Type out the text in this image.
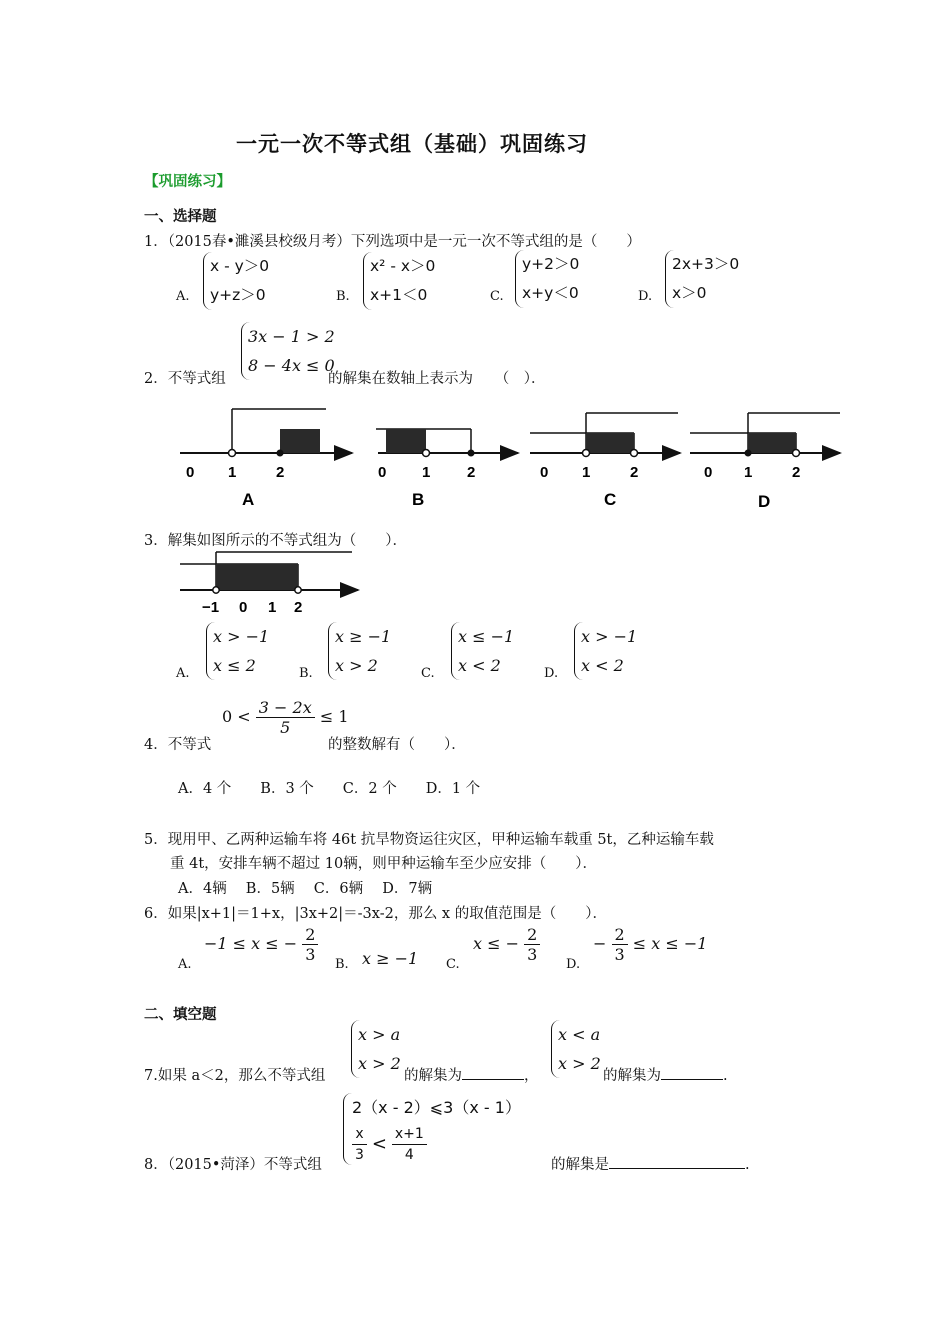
一元一次不等式组（基础）巩固练习
【巩固练习】
一、选择题
1．（2015春•濉溪县校级月考）下列选项中是一元一次不等式组的是（　　）
A.
x - y＞0
y+z＞0	B.
x² - x＞0
x+1＜0	C.
y+2＞0
x+y＜0	D.
2x+3＞0
x＞0
3x − 1 > 2
8 − 4x ≤ 0
2．不等式组	的解集在数轴上表示为　　（　）．
0 1	2
A
0 1 2
B
0 1	2
C
0 1	2
D
3．解集如图所示的不等式组为（　　）．
−1 0 1 2
A.
x > −1
x ≤ 2	B.
x ≥ −1
x > 2	C.
x ≤ −1
x < 2	D.
x > −1
x < 2
4．不等式
$0 < \frac{3 - 2x}{5} \le 1$
的整数解有（　　）．
A．4 个　　B．3 个　　C．2 个　　D．1 个
5．现用甲、乙两种运输车将 46t 抗旱物资运往灾区，甲种运输车载重 5t，乙种运输车载
重 4t，安排车辆不超过 10辆，则甲种运输车至少应安排（　　）．
A．4辆　 B．5辆　 C．6辆　 D．7辆
6．如果|x+1|＝1+x，|3x+2|＝-3x-2，那么 x 的取值范围是（　　）．
A.
−1 ≤ x ≤ − $\frac{2}{3}$
B. x ≥ −1 C.
x ≤ − $\frac{2}{3}$
D.
− $\frac{2}{3} \le x \le -1$
二、填空题
x > a
x > 2
x < a
x > 2
7.如果 a＜2，那么不等式组	的解集为	，	的解集为	.
2（x - 2）⩽3（x - 1）
$\frac{x}{3} < \frac{x+1}{4}$
8．（2015•菏泽）不等式组	的解集是	.
